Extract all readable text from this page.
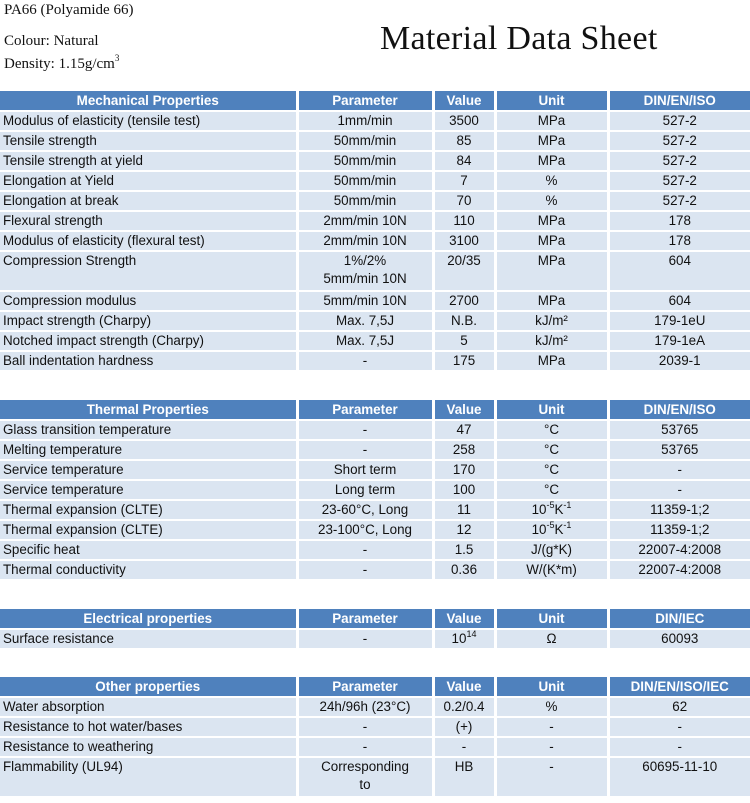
PA66 (Polyamide 66)
Colour: Natural
Density: $1.15g/cm^3$
Material Data Sheet
Mechanical Properties	Parameter	Value	Unit	DIN/EN/ISO
Modulus of elasticity (tensile test)	1mm/min	3500	MPa	527-2
Tensile strength	50mm/min	85	MPa	527-2
Tensile strength at yield	50mm/min	84	MPa	527-2
Elongation at Yield	50mm/min	7	%	527-2
Elongation at break	50mm/min	70	%	527-2
Flexural strength	2mm/min 10N	110	MPa	178
Modulus of elasticity (flexural test)	2mm/min 10N	3100	MPa	178
Compression Strength	1%/2%
5mm/min 10N	20/35	MPa	604
Compression modulus	5mm/min 10N	2700	MPa	604
Impact strength (Charpy)	Max. 7,5J	N.B.	kJ/m²	179-1eU
Notched impact strength (Charpy)	Max. 7,5J	5	kJ/m²	179-1eA
Ball indentation hardness	-	175	MPa	2039-1
Thermal Properties	Parameter	Value	Unit	DIN/EN/ISO
Glass transition temperature	-	47	°C	53765
Melting temperature	-	258	°C	53765
Service temperature	Short term	170	°C	-
Service temperature	Long term	100	°C	-
Thermal expansion (CLTE)	23-60°C, Long	11	$10^{-5}K^{-1}$	11359-1;2
Thermal expansion (CLTE)	23-100°C, Long	12	$10^{-5}K^{-1}$	11359-1;2
Specific heat	-	1.5	J/(g*K)	22007-4:2008
Thermal conductivity	-	0.36	W/(K*m)	22007-4:2008
Electrical properties	Parameter	Value	Unit	DIN/IEC
Surface resistance	-	$10^{14}$	Ω	60093
Other properties	Parameter	Value	Unit	DIN/EN/ISO/IEC
Water absorption	24h/96h (23°C)	0.2/0.4	%	62
Resistance to hot water/bases	-	(+)	-	-
Resistance to weathering	-	-	-	-
Flammability (UL94)	Corresponding
to	HB	-	60695-11-10
